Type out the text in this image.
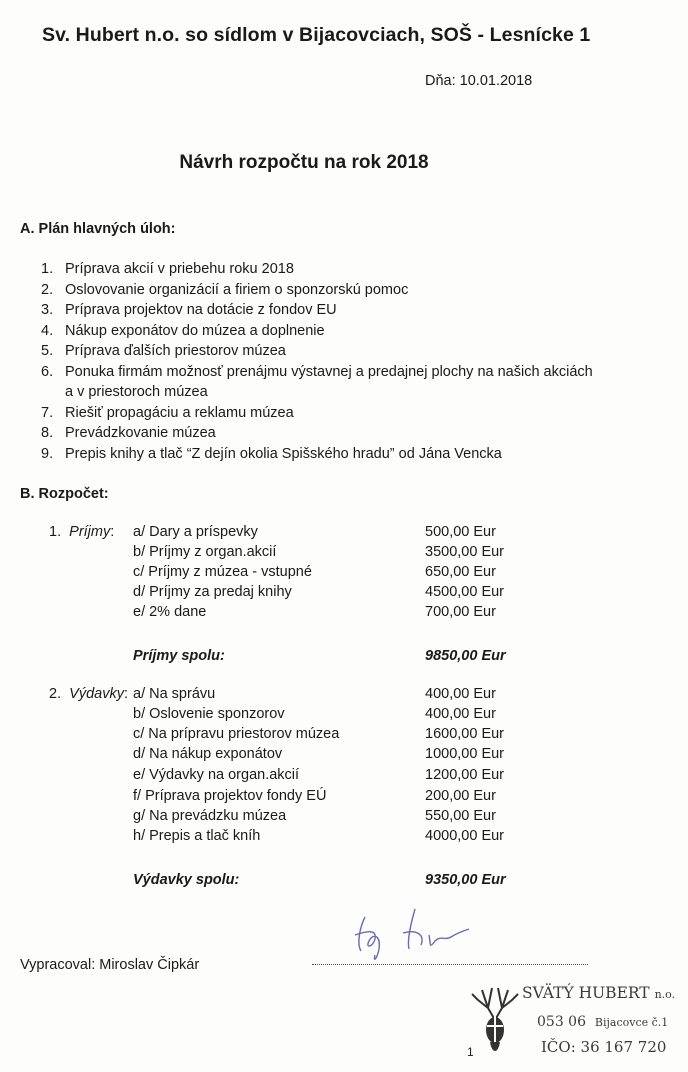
Sv. Hubert n.o. so sídlom v Bijacovciach, SOŠ - Lesnícke 1
Dňa: 10.01.2018
Návrh rozpočtu na rok 2018
A. Plán hlavných úloh:
1. Príprava akcií v priebehu roku 2018
2. Oslovovanie organizácií a firiem o sponzorskú pomoc
3. Príprava projektov na dotácie z fondov EU
4. Nákup exponátov do múzea a doplnenie
5. Príprava ďalších priestorov múzea
6. Ponuka firmám možnosť prenájmu výstavnej a predajnej plochy na našich akciách a v priestoroch múzea
7. Riešiť propagáciu a reklamu múzea
8. Prevádzkovanie múzea
9. Prepis knihy a tlač “Z dejín okolia Spišského hradu” od Jána Vencka
B. Rozpočet:
1. Príjmy: a/ Dary a príspevky	500,00 Eur
b/ Príjmy z organ.akcií	3500,00 Eur
c/ Príjmy z múzea - vstupné	650,00 Eur
d/ Príjmy za predaj knihy	4500,00 Eur
e/ 2% dane	700,00 Eur
Príjmy spolu:	9850,00 Eur
2. Výdavky: a/ Na správu	400,00 Eur
b/ Oslovenie sponzorov	400,00 Eur
c/ Na prípravu priestorov múzea	1600,00 Eur
d/ Na nákup exponátov	1000,00 Eur
e/ Výdavky na organ.akcií	1200,00 Eur
f/ Príprava projektov fondy EÚ	200,00 Eur
g/ Na prevádzku múzea	550,00 Eur
h/ Prepis a tlač kníh	4000,00 Eur
Výdavky spolu:	9350,00 Eur
Vypracoval: Miroslav Čipkár
SVÄTÝ HUBERT n.o.
053 06 Bijacovce č.1
IČO: 36 167 720
1
